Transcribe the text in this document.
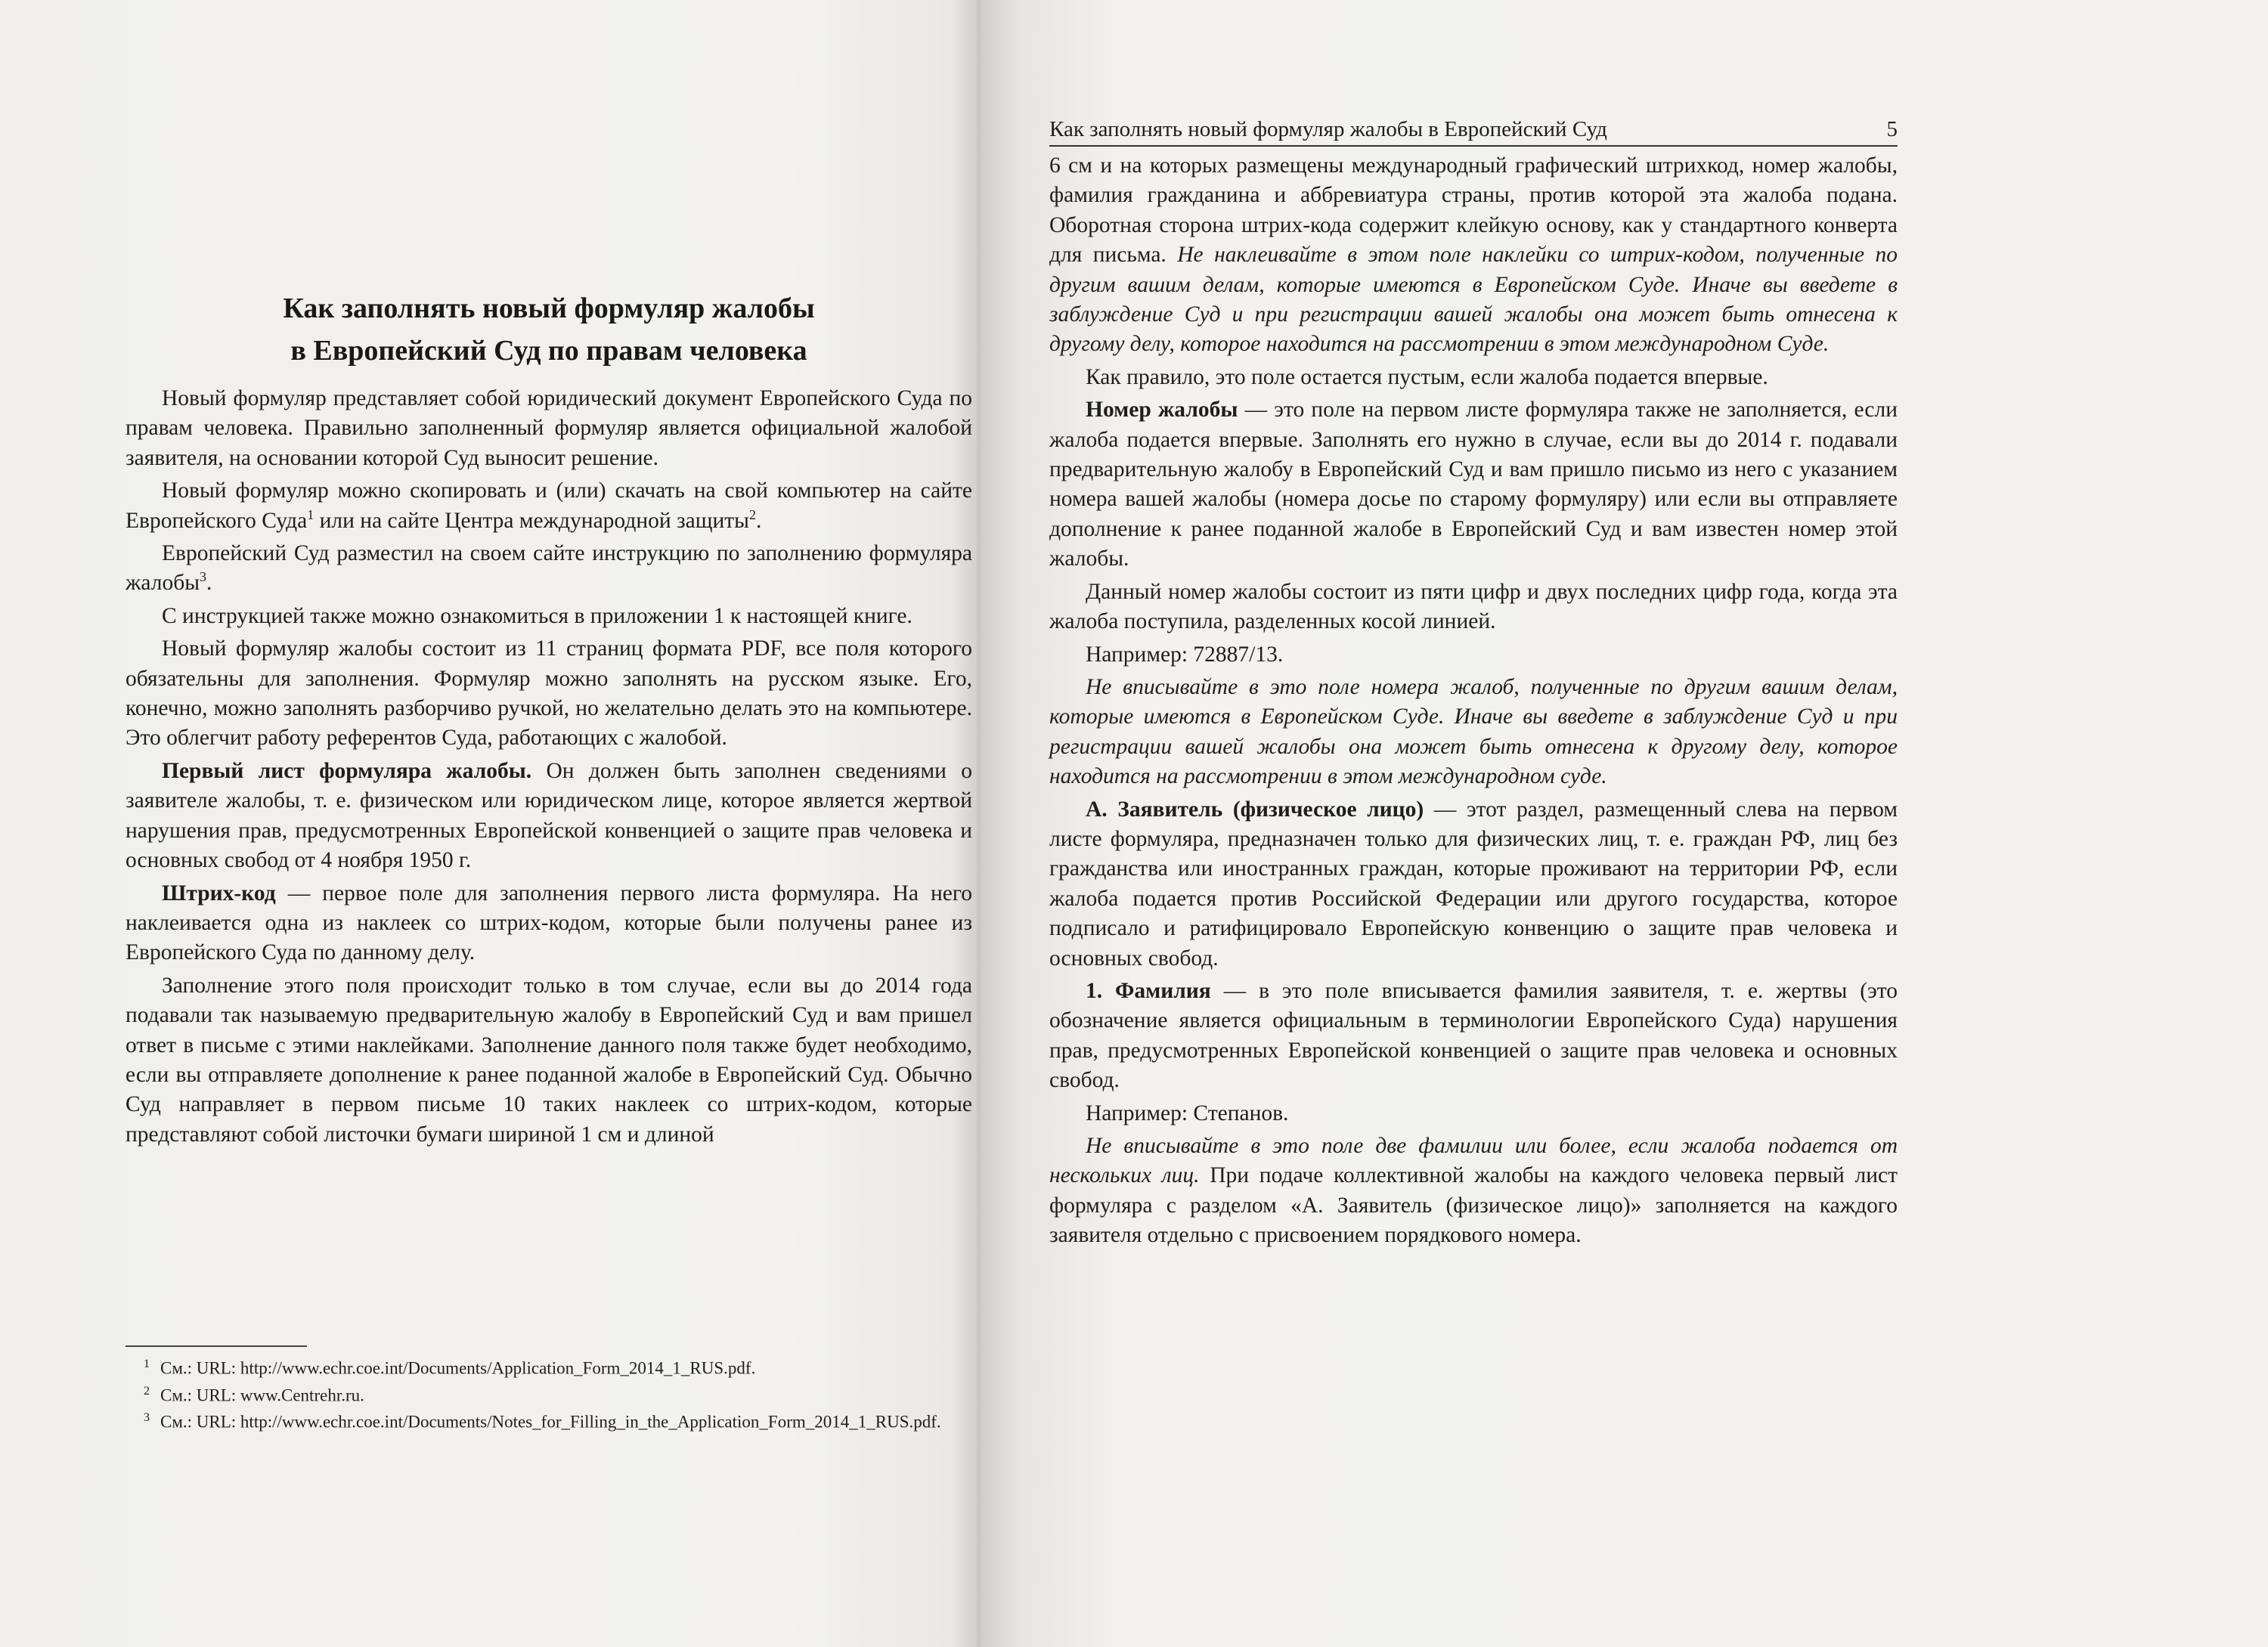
Как заполнять новый формуляр жалобы
в Европейский Суд по правам человека

Новый формуляр представляет собой юридический документ Европейского Суда по правам человека. Правильно заполненный формуляр является официальной жалобой заявителя, на основании которой Суд выносит решение.

Новый формуляр можно скопировать и (или) скачать на свой компьютер на сайте Европейского Суда$^1$ или на сайте Центра международной защиты$^2$.

Европейский Суд разместил на своем сайте инструкцию по заполнению формуляра жалобы$^3$.

С инструкцией также можно ознакомиться в приложении 1 к настоящей книге.

Новый формуляр жалобы состоит из 11 страниц формата PDF, все поля которого обязательны для заполнения. Формуляр можно заполнять на русском языке. Его, конечно, можно заполнять разборчиво ручкой, но желательно делать это на компьютере. Это облегчит работу референтов Суда, работающих с жалобой.

Первый лист формуляра жалобы. Он должен быть заполнен сведениями о заявителе жалобы, т. е. физическом или юридическом лице, которое является жертвой нарушения прав, предусмотренных Европейской конвенцией о защите прав человека и основных свобод от 4 ноября 1950 г.

Штрих-код — первое поле для заполнения первого листа формуляра. На него наклеивается одна из наклеек со штрих-кодом, которые были получены ранее из Европейского Суда по данному делу.

Заполнение этого поля происходит только в том случае, если вы до 2014 года подавали так называемую предварительную жалобу в Европейский Суд и вам пришел ответ в письме с этими наклейками. Заполнение данного поля также будет необходимо, если вы отправляете дополнение к ранее поданной жалобе в Европейский Суд. Обычно Суд направляет в первом письме 10 таких наклеек со штрих-кодом, которые представляют собой листочки бумаги шириной 1 см и длиной

$^1$ См.: URL: http://www.echr.coe.int/Documents/Application_Form_2014_1_RUS.pdf.

$^2$ См.: URL: www.Centrehr.ru.

$^3$ См.: URL: http://www.echr.coe.int/Documents/Notes_for_Filling_in_the_Application_Form_2014_1_RUS.pdf.

Как заполнять новый формуляр жалобы в Европейский Суд	5

6 см и на которых размещены международный графический штрихкод, номер жалобы, фамилия гражданина и аббревиатура страны, против которой эта жалоба подана. Оборотная сторона штрих-кода содержит клейкую основу, как у стандартного конверта для письма. Не наклеивайте в этом поле наклейки со штрих-кодом, полученные по другим вашим делам, которые имеются в Европейском Суде. Иначе вы введете в заблуждение Суд и при регистрации вашей жалобы она может быть отнесена к другому делу, которое находится на рассмотрении в этом международном Суде.

Как правило, это поле остается пустым, если жалоба подается впервые.

Номер жалобы — это поле на первом листе формуляра также не заполняется, если жалоба подается впервые. Заполнять его нужно в случае, если вы до 2014 г. подавали предварительную жалобу в Европейский Суд и вам пришло письмо из него с указанием номера вашей жалобы (номера досье по старому формуляру) или если вы отправляете дополнение к ранее поданной жалобе в Европейский Суд и вам известен номер этой жалобы.

Данный номер жалобы состоит из пяти цифр и двух последних цифр года, когда эта жалоба поступила, разделенных косой линией.

Например: 72887/13.

Не вписывайте в это поле номера жалоб, полученные по другим вашим делам, которые имеются в Европейском Суде. Иначе вы введете в заблуждение Суд и при регистрации вашей жалобы она может быть отнесена к другому делу, которое находится на рассмотрении в этом международном суде.

А. Заявитель (физическое лицо) — этот раздел, размещенный слева на первом листе формуляра, предназначен только для физических лиц, т. е. граждан РФ, лиц без гражданства или иностранных граждан, которые проживают на территории РФ, если жалоба подается против Российской Федерации или другого государства, которое подписало и ратифицировало Европейскую конвенцию о защите прав человека и основных свобод.

1. Фамилия — в это поле вписывается фамилия заявителя, т. е. жертвы (это обозначение является официальным в терминологии Европейского Суда) нарушения прав, предусмотренных Европейской конвенцией о защите прав человека и основных свобод.

Например: Степанов.

Не вписывайте в это поле две фамилии или более, если жалоба подается от нескольких лиц. При подаче коллективной жалобы на каждого человека первый лист формуляра с разделом «А. Заявитель (физическое лицо)» заполняется на каждого заявителя отдельно с присвоением порядкового номера.
